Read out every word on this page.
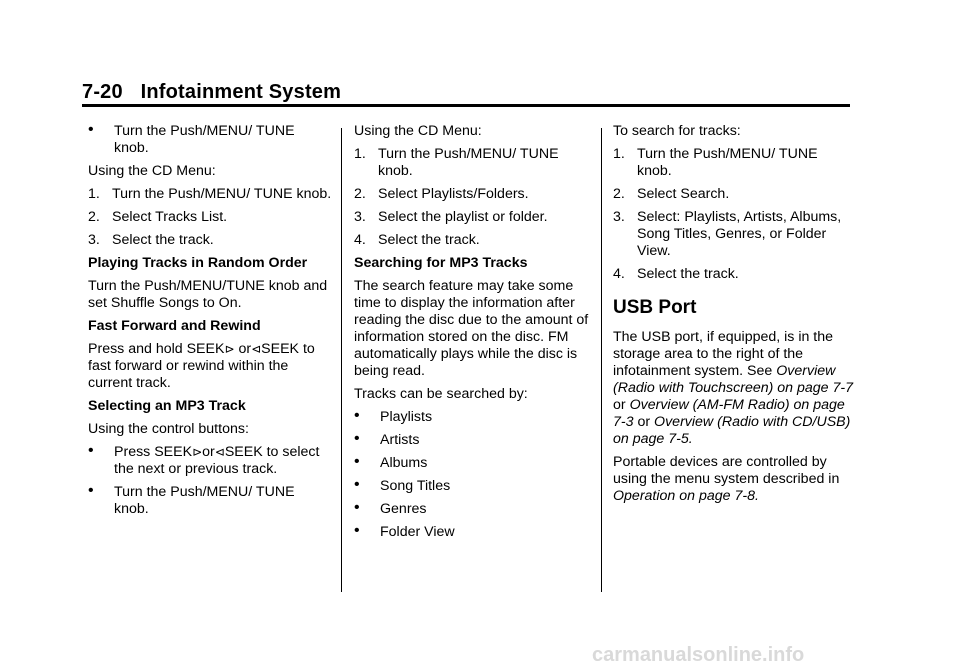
7-20 Infotainment System
•	Turn the Push/MENU/ TUNE knob.

Using the CD Menu:

1. Turn the Push/MENU/ TUNE knob.
2. Select Tracks List.
3. Select the track.

Playing Tracks in Random Order

Turn the Push/MENU/TUNE knob and set Shuffle Songs to On.

Fast Forward and Rewind

Press and hold SEEK⊳ or⊲SEEK to fast forward or rewind within the current track.

Selecting an MP3 Track

Using the control buttons:

•	Press SEEK⊳or⊲SEEK to select the next or previous track.
•	Turn the Push/MENU/ TUNE knob.

Using the CD Menu:

1. Turn the Push/MENU/ TUNE knob.
2. Select Playlists/Folders.
3. Select the playlist or folder.
4. Select the track.

Searching for MP3 Tracks

The search feature may take some time to display the information after reading the disc due to the amount of information stored on the disc. FM automatically plays while the disc is being read.

Tracks can be searched by:

•	Playlists
•	Artists
•	Albums
•	Song Titles
•	Genres
•	Folder View

To search for tracks:

1. Turn the Push/MENU/ TUNE knob.
2. Select Search.
3. Select: Playlists, Artists, Albums, Song Titles, Genres, or Folder View.
4. Select the track.
USB Port

The USB port, if equipped, is in the storage area to the right of the infotainment system. See Overview (Radio with Touchscreen) on page 7-7 or Overview (AM-FM Radio) on page 7-3 or Overview (Radio with CD/USB) on page 7-5.

Portable devices are controlled by using the menu system described in Operation on page 7-8.

carmanualsonline.info
